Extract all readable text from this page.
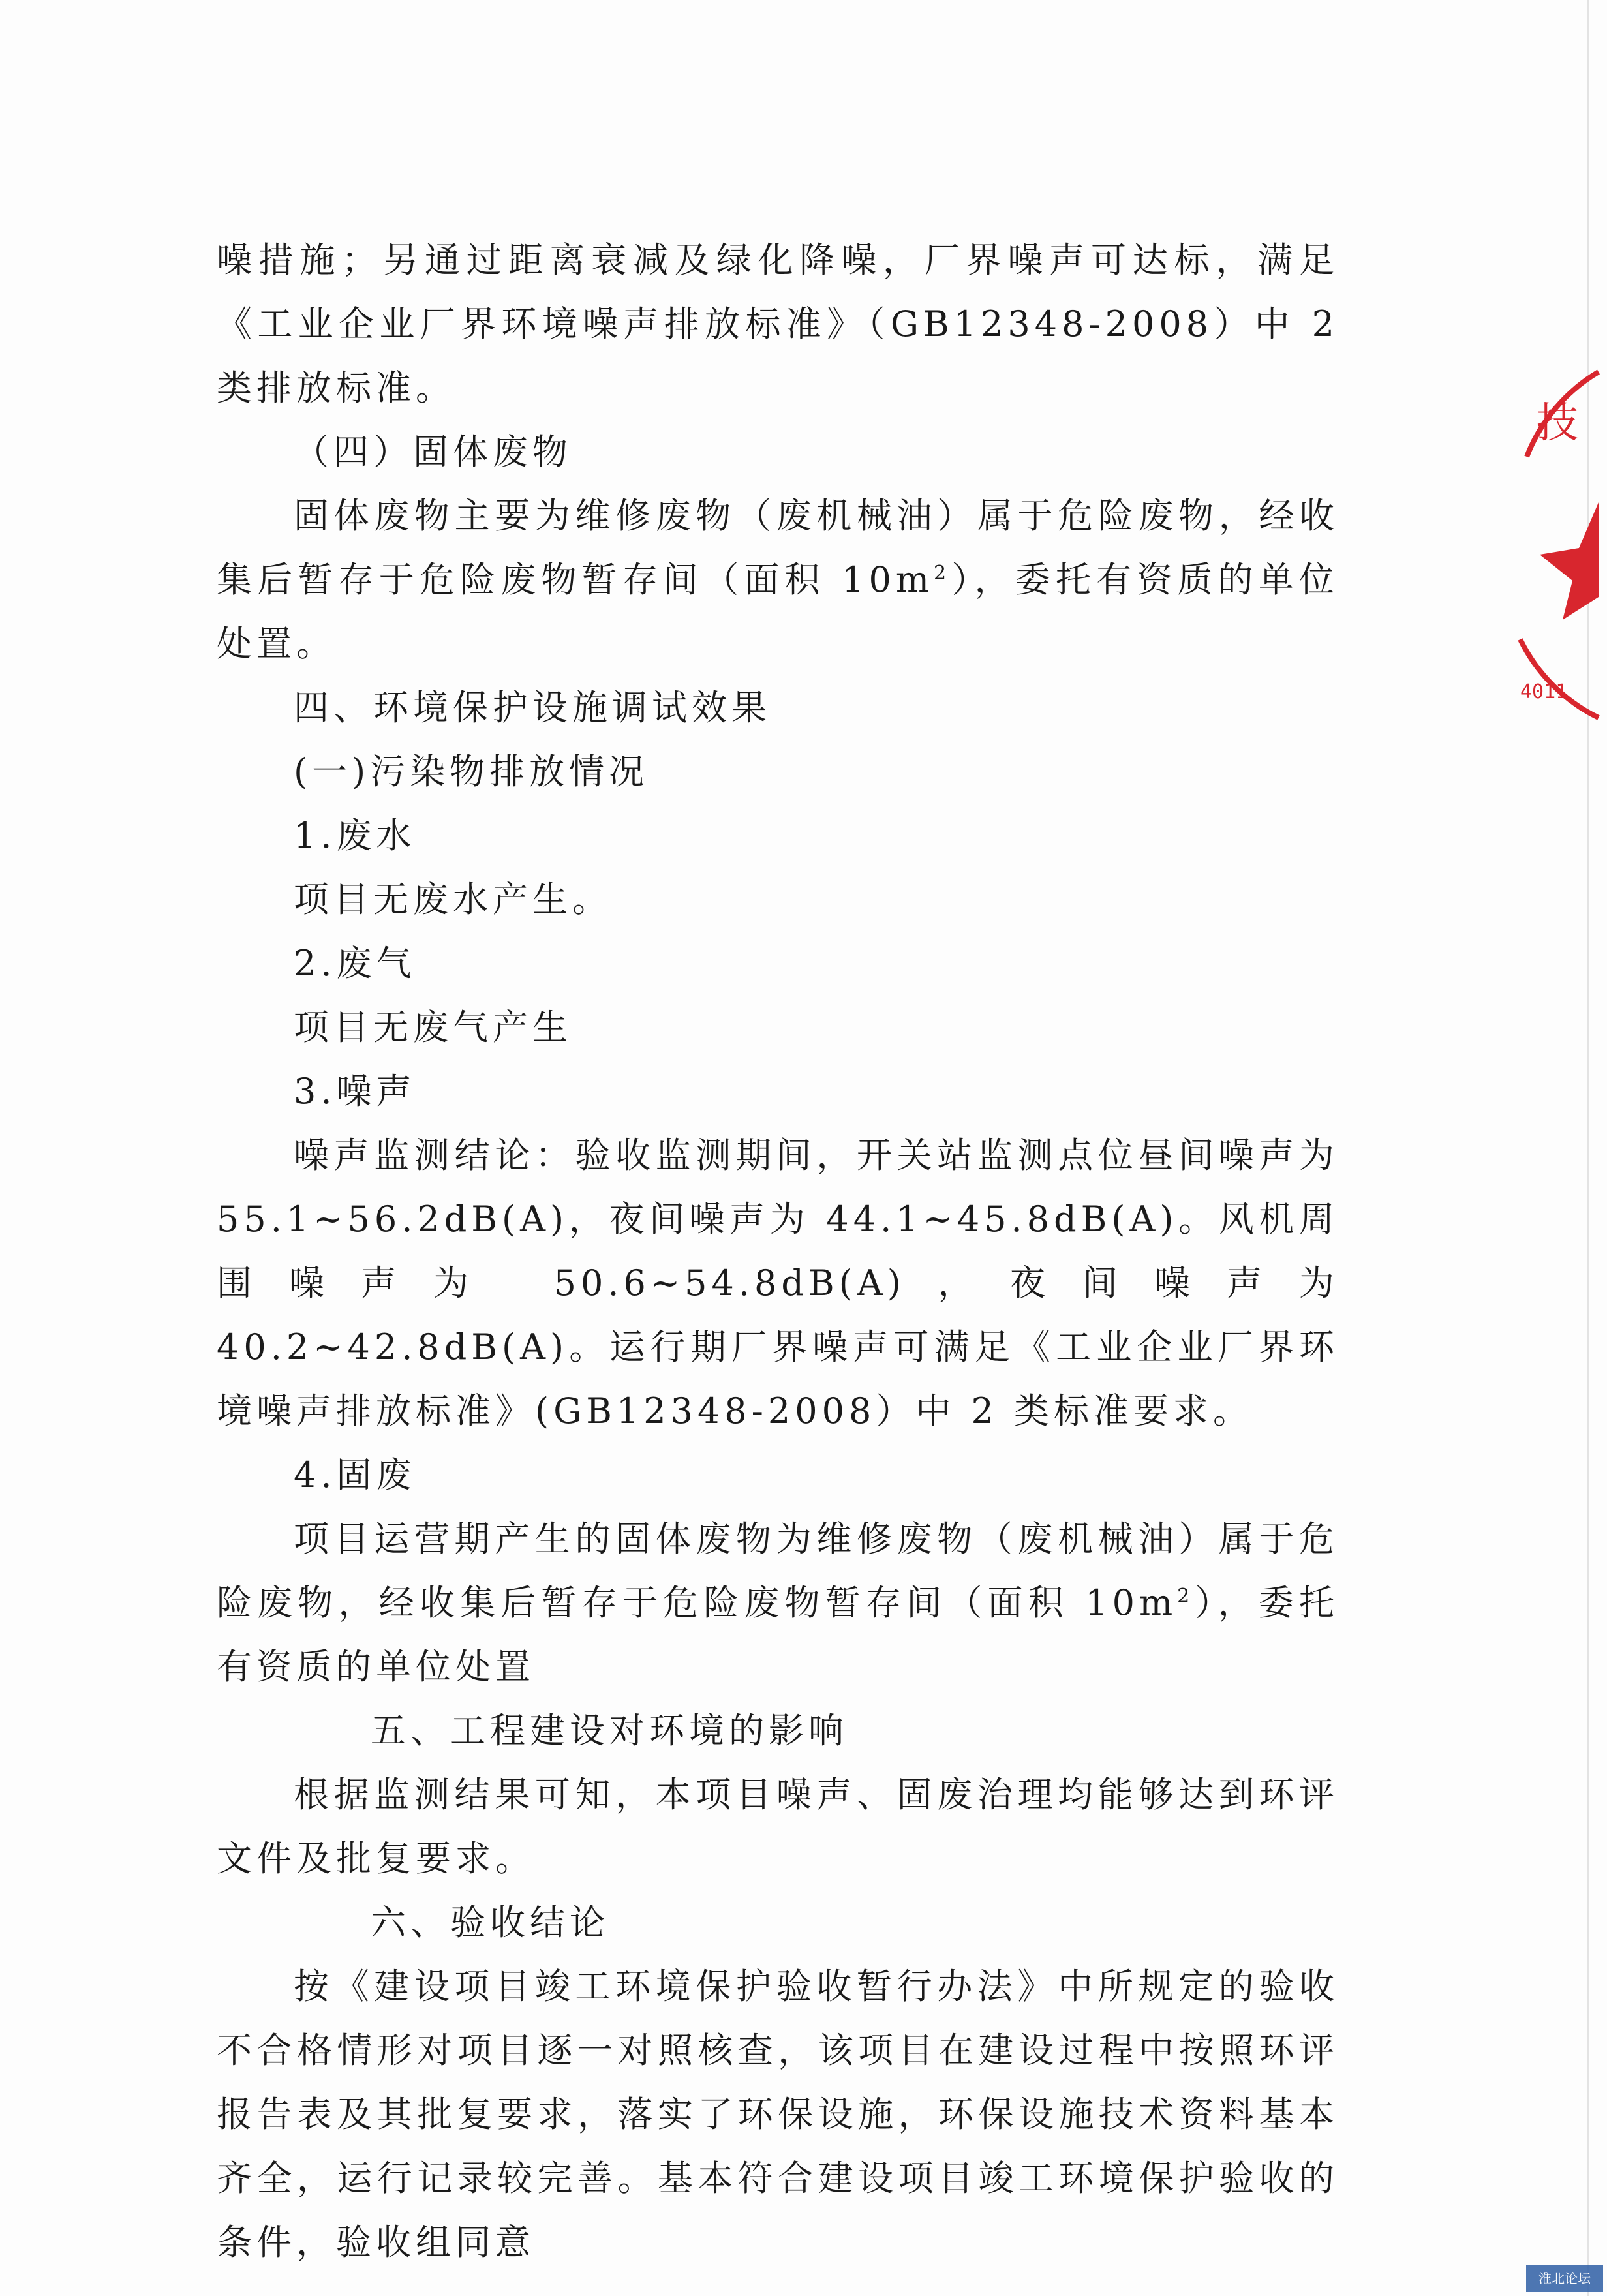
噪措施；另通过距离衰减及绿化降噪，厂界噪声可达标，满足《工业企业厂界环境噪声排放标准》（GB12348-2008）中 2 类排放标准。

（四）固体废物

固体废物主要为维修废物（废机械油）属于危险废物，经收集后暂存于危险废物暂存间（面积 $10m^2$），委托有资质的单位处置。

四、环境保护设施调试效果

(一)污染物排放情况

1.废水

项目无废水产生。

2.废气

项目无废气产生

3.噪声

噪声监测结论：验收监测期间，开关站监测点位昼间噪声为 55.1~56.2dB(A)，夜间噪声为 44.1~45.8dB(A)。风机周围噪声为 50.6~54.8dB(A)，夜间噪声为 40.2~42.8dB(A)。运行期厂界噪声可满足《工业企业厂界环境噪声排放标准》(GB12348-2008）中 2 类标准要求。

4.固废

项目运营期产生的固体废物为维修废物（废机械油）属于危险废物，经收集后暂存于危险废物暂存间（面积 $10m^2$），委托有资质的单位处置

五、工程建设对环境的影响

根据监测结果可知，本项目噪声、固废治理均能够达到环评文件及批复要求。

六、验收结论

按《建设项目竣工环境保护验收暂行办法》中所规定的验收不合格情形对项目逐一对照核查，该项目在建设过程中按照环评报告表及其批复要求，落实了环保设施，环保设施技术资料基本齐全，运行记录较完善。基本符合建设项目竣工环境保护验收的条件，验收组同意

技
4011
淮北论坛
